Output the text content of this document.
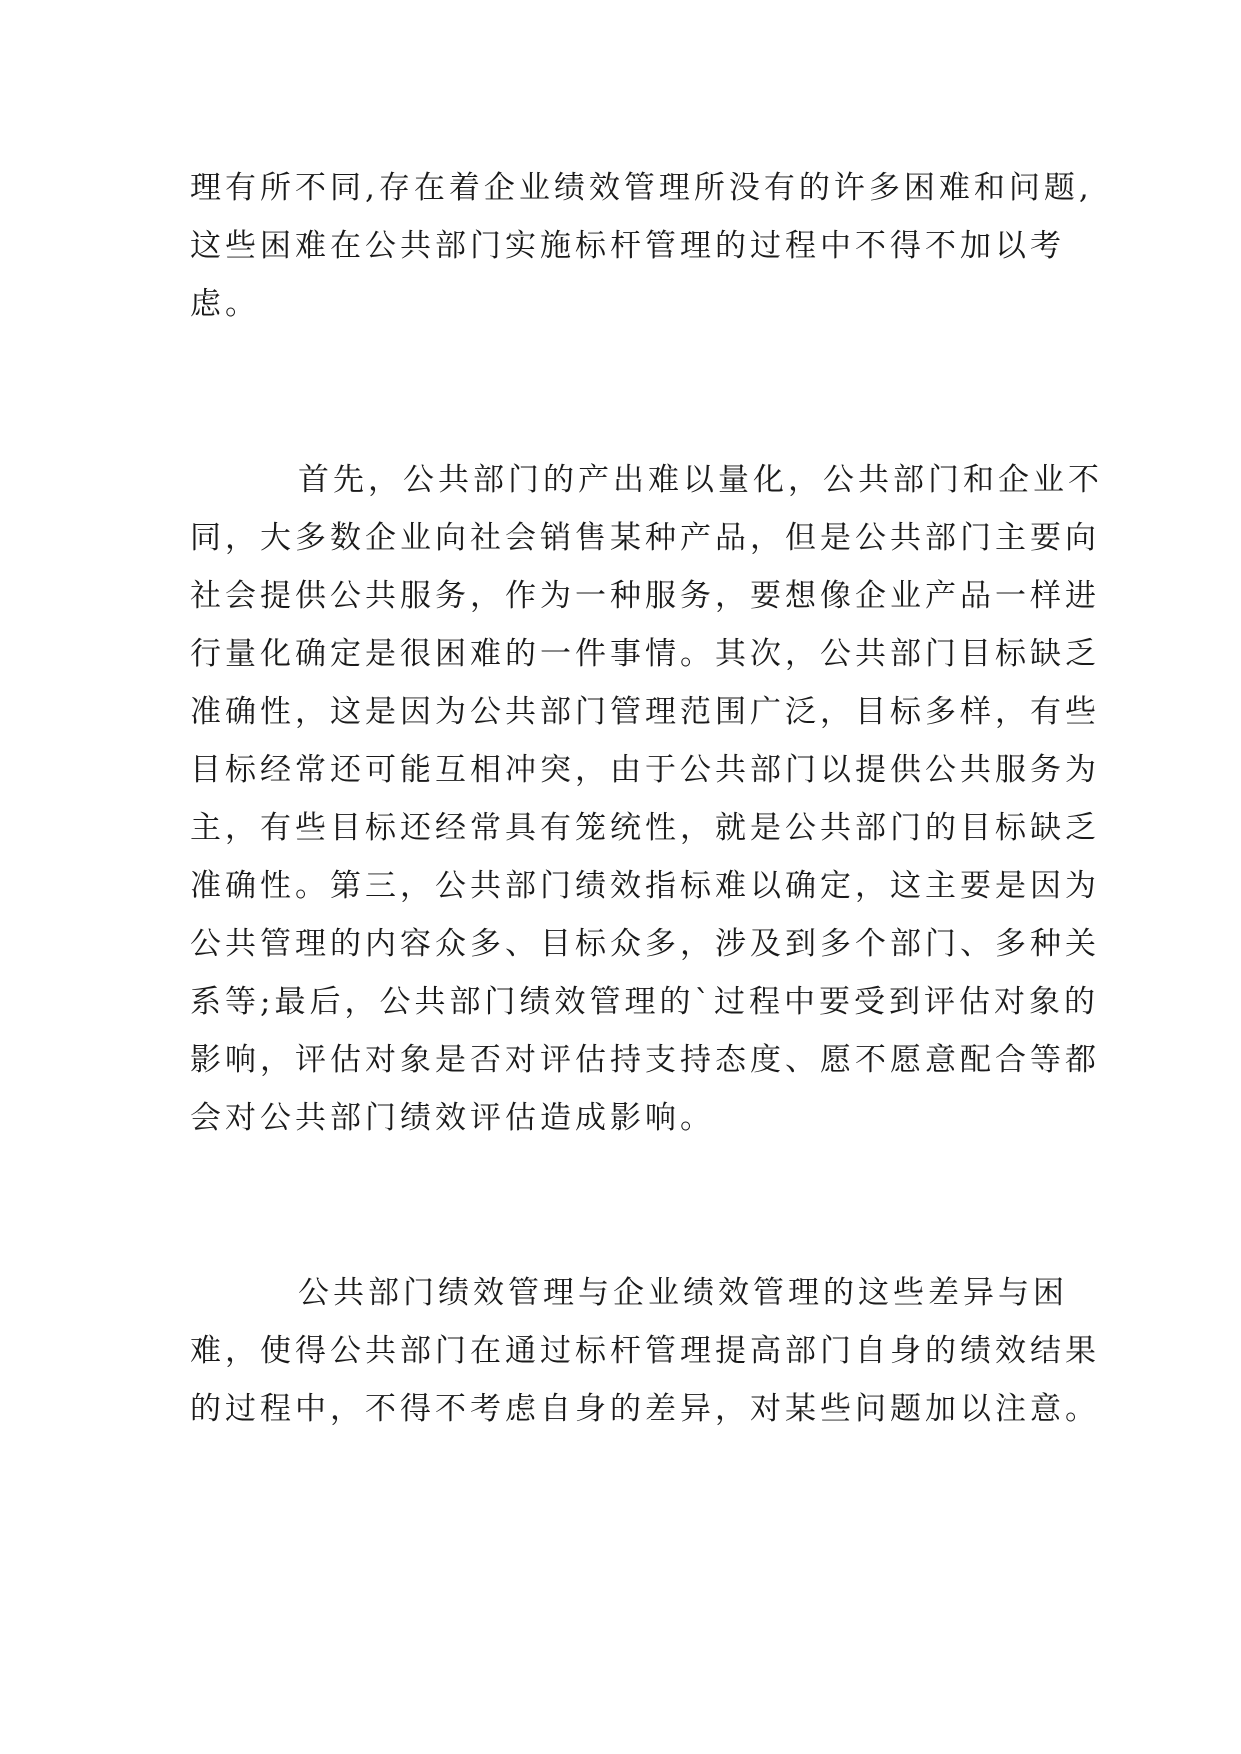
理有所不同,存在着企业绩效管理所没有的许多困难和问题,
这些困难在公共部门实施标杆管理的过程中不得不加以考
虑。
首先，公共部门的产出难以量化，公共部门和企业不
同，大多数企业向社会销售某种产品，但是公共部门主要向
社会提供公共服务，作为一种服务，要想像企业产品一样进
行量化确定是很困难的一件事情。其次，公共部门目标缺乏
准确性，这是因为公共部门管理范围广泛，目标多样，有些
目标经常还可能互相冲突，由于公共部门以提供公共服务为
主，有些目标还经常具有笼统性，就是公共部门的目标缺乏
准确性。第三，公共部门绩效指标难以确定，这主要是因为
公共管理的内容众多、目标众多，涉及到多个部门、多种关
系等;最后，公共部门绩效管理的`过程中要受到评估对象的
影响，评估对象是否对评估持支持态度、愿不愿意配合等都
会对公共部门绩效评估造成影响。
公共部门绩效管理与企业绩效管理的这些差异与困
难，使得公共部门在通过标杆管理提高部门自身的绩效结果
的过程中，不得不考虑自身的差异，对某些问题加以注意。
